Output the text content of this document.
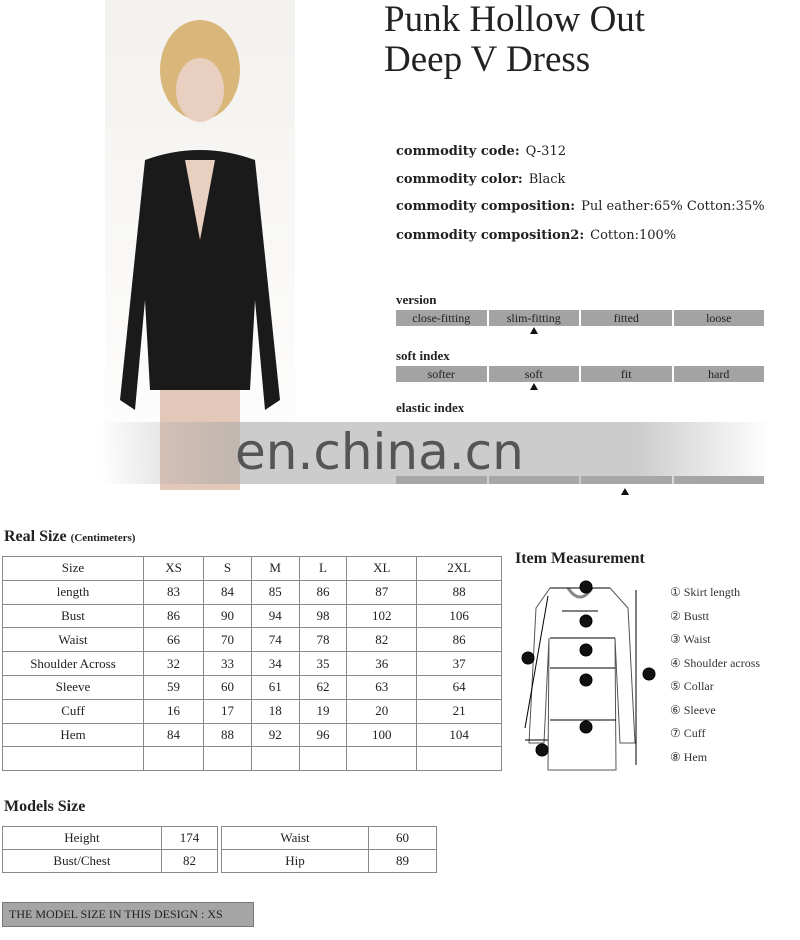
Punk Hollow Out
Deep V Dress
commodity code: Q-312
commodity color: Black
commodity composition: Pul eather:65% Cotton:35%
commodity composition2: Cotton:100%
version
close-fitting	slim-fitting	fitted	loose
soft index
softer	soft	fit	hard
elastic index
en.china.cn
Real Size (Centimeters)
Size	XS	S	M	L	XL	2XL
length	83	84	85	86	87	88
Bust	86	90	94	98	102	106
Waist	66	70	74	78	82	86
Shoulder Across	32	33	34	35	36	37
Sleeve	59	60	61	62	63	64
Cuff	16	17	18	19	20	21
Hem	84	88	92	96	100	104

Item Measurement
① Skirt length
② Bustt
③ Waist
④ Shoulder across
⑤ Collar
⑥ Sleeve
⑦ Cuff
⑧ Hem
Models Size
Height	174
Bust/Chest	82
Waist	60
Hip	89
THE MODEL SIZE IN THIS DESIGN : XS
